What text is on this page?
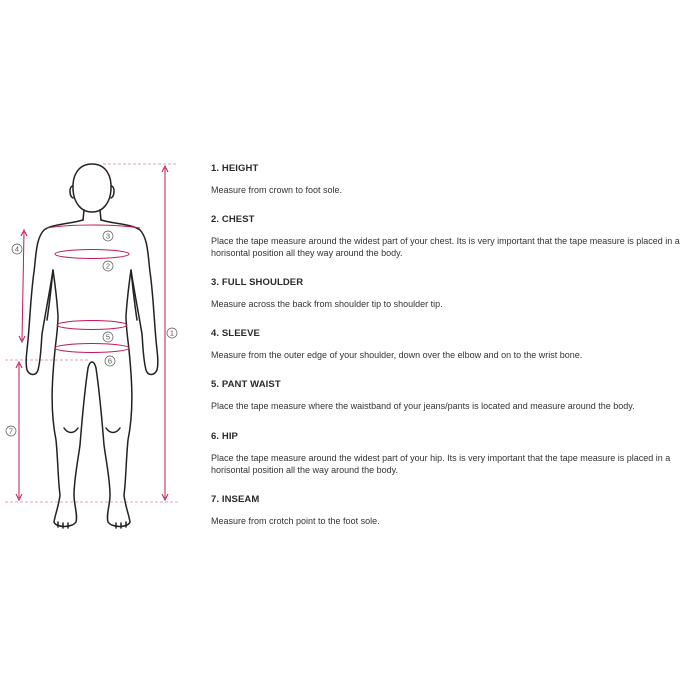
1
2
3
4
5
6
7
1. HEIGHT
Measure from crown to foot sole.
2. CHEST
Place the tape measure around the widest part of your chest. Its is very important that the tape measure is placed in a horisontal position all they way around the body.
3. FULL SHOULDER
Measure across the back from shoulder tip to shoulder tip.
4. SLEEVE
Measure from the outer edge of your shoulder, down over the elbow and on to the wrist bone.
5. PANT WAIST
Place the tape measure where the waistband of your jeans/pants is located and measure around the body.
6. HIP
Place the tape measure around the widest part of your hip. Its is very important that the tape measure is placed in a horisontal position all the way around the body.
7. INSEAM
Measure from crotch point to the foot sole.
